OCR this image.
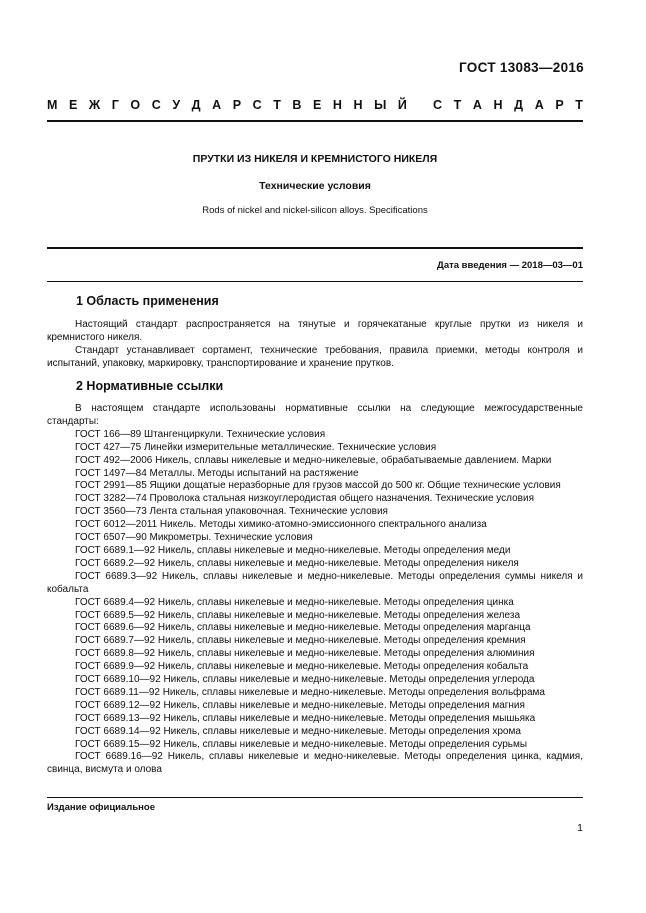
ГОСТ 13083—2016
М Е Ж Г О С У Д А Р С Т В Е Н Н Ы Й С Т А Н Д А Р Т
ПРУТКИ ИЗ НИКЕЛЯ И КРЕМНИСТОГО НИКЕЛЯ
Технические условия
Rods of nickel and nickel-silicon alloys. Specifications
Дата введения — 2018—03—01
1 Область применения

Настоящий стандарт распространяется на тянутые и горячекатаные круглые прутки из никеля и кремнистого никеля.

Стандарт устанавливает сортамент, технические требования, правила приемки, методы контроля и испытаний, упаковку, маркировку, транспортирование и хранение прутков.

2 Нормативные ссылки

В настоящем стандарте использованы нормативные ссылки на следующие межгосударственные стандарты:

ГОСТ 166—89 Штангенциркули. Технические условия

ГОСТ 427—75 Линейки измерительные металлические. Технические условия

ГОСТ 492—2006 Никель, сплавы никелевые и медно-никелевые, обрабатываемые давлением. Марки

ГОСТ 1497—84 Металлы. Методы испытаний на растяжение

ГОСТ 2991—85 Ящики дощатые неразборные для грузов массой до 500 кг. Общие технические условия

ГОСТ 3282—74 Проволока стальная низкоуглеродистая общего назначения. Технические условия

ГОСТ 3560—73 Лента стальная упаковочная. Технические условия

ГОСТ 6012—2011 Никель. Методы химико-атомно-эмиссионного спектрального анализа

ГОСТ 6507—90 Микрометры. Технические условия

ГОСТ 6689.1—92 Никель, сплавы никелевые и медно-никелевые. Методы определения меди

ГОСТ 6689.2—92 Никель, сплавы никелевые и медно-никелевые. Методы определения никеля

ГОСТ 6689.3—92 Никель, сплавы никелевые и медно-никелевые. Методы определения суммы никеля и кобальта

ГОСТ 6689.4—92 Никель, сплавы никелевые и медно-никелевые. Методы определения цинка

ГОСТ 6689.5—92 Никель, сплавы никелевые и медно-никелевые. Методы определения железа

ГОСТ 6689.6—92 Никель, сплавы никелевые и медно-никелевые. Методы определения марганца

ГОСТ 6689.7—92 Никель, сплавы никелевые и медно-никелевые. Методы определения кремния

ГОСТ 6689.8—92 Никель, сплавы никелевые и медно-никелевые. Методы определения алюминия

ГОСТ 6689.9—92 Никель, сплавы никелевые и медно-никелевые. Методы определения кобальта

ГОСТ 6689.10—92 Никель, сплавы никелевые и медно-никелевые. Методы определения углерода

ГОСТ 6689.11—92 Никель, сплавы никелевые и медно-никелевые. Методы определения вольфрама

ГОСТ 6689.12—92 Никель, сплавы никелевые и медно-никелевые. Методы определения магния

ГОСТ 6689.13—92 Никель, сплавы никелевые и медно-никелевые. Методы определения мышьяка

ГОСТ 6689.14—92 Никель, сплавы никелевые и медно-никелевые. Методы определения хрома

ГОСТ 6689.15—92 Никель, сплавы никелевые и медно-никелевые. Методы определения сурьмы

ГОСТ 6689.16—92 Никель, сплавы никелевые и медно-никелевые. Методы определения цинка, кадмия, свинца, висмута и олова

Издание официальное
1
